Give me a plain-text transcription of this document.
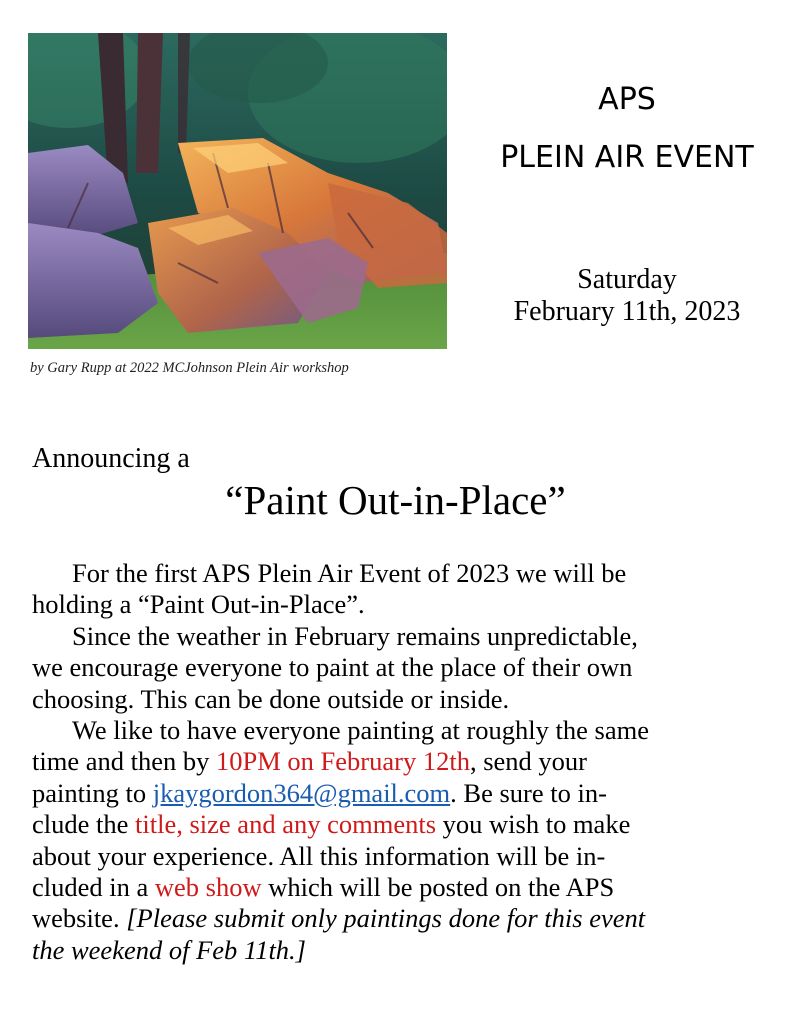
by Gary Rupp at 2022 MCJohnson Plein Air workshop
APS
PLEIN AIR EVENT
Saturday
February 11th, 2023
Announcing a
“Paint Out-in-Place”

For the first APS Plein Air Event of 2023 we will be
holding a “Paint Out-in-Place”.

Since the weather in February remains unpredictable,
we encourage everyone to paint at the place of their own
choosing. This can be done outside or inside.

We like to have everyone painting at roughly the same
time and then by 10PM on February 12th, send your
painting to jkaygordon364@gmail.com. Be sure to in-
clude the title, size and any comments you wish to make
about your experience. All this information will be in-
cluded in a web show which will be posted on the APS
website. [Please submit only paintings done for this event
the weekend of Feb 11th.]
